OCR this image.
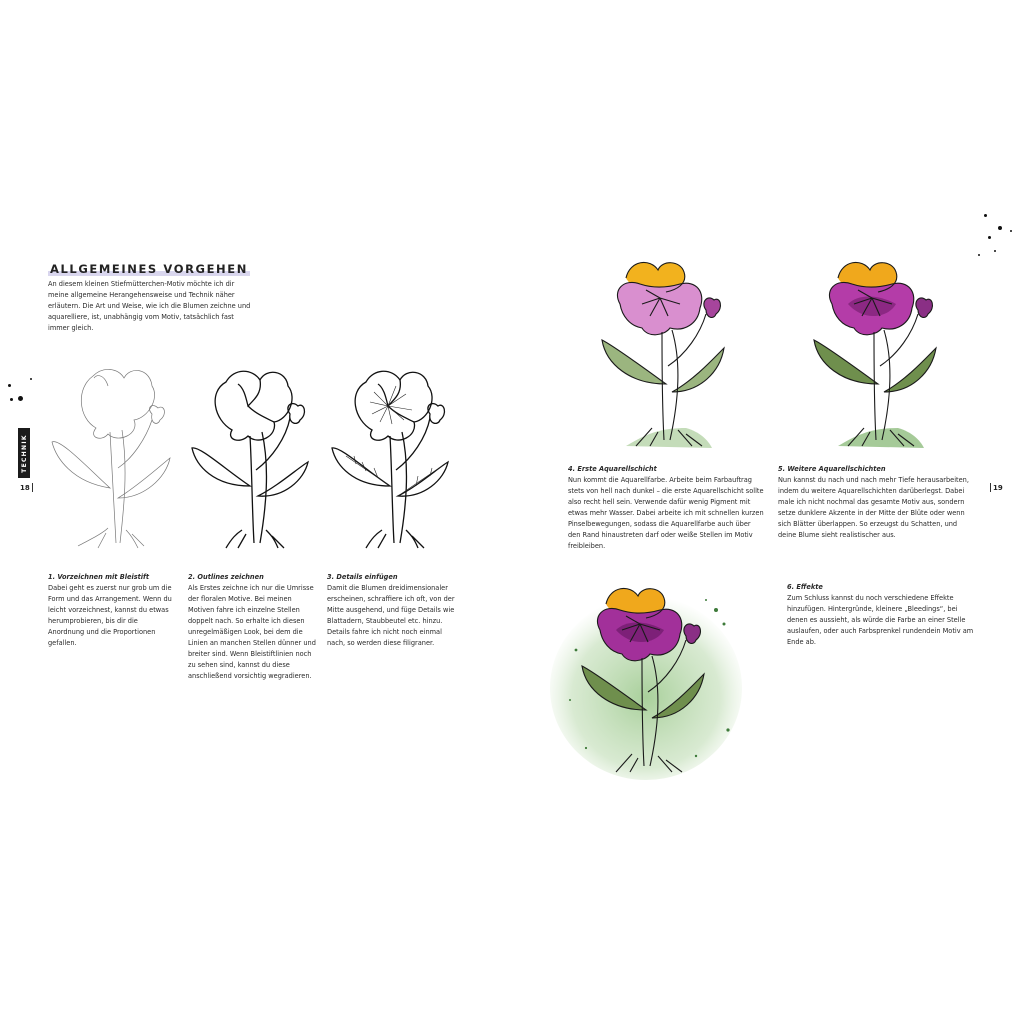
ALLGEMEINES VORGEHEN
An diesem kleinen Stiefmütterchen-Motiv möchte ich dir meine allgemeine Herangehensweise und Technik näher erläutern. Die Art und Weise, wie ich die Blumen zeichne und aquarelliere, ist, unabhängig vom Motiv, tatsächlich fast immer gleich.
TECHNIK
18
1. Vorzeichnen mit Bleistift
Dabei geht es zuerst nur grob um die Form und das Arrangement. Wenn du leicht vorzeichnest, kannst du etwas herumprobieren, bis dir die Anordnung und die Proportionen gefallen.
2. Outlines zeichnen
Als Erstes zeichne ich nur die Umrisse der floralen Motive. Bei meinen Motiven fahre ich einzelne Stellen doppelt nach. So erhalte ich diesen unregelmäßigen Look, bei dem die Linien an manchen Stellen dünner und breiter sind. Wenn Bleistiftlinien noch zu sehen sind, kannst du diese anschließend vorsichtig wegradieren.
3. Details einfügen
Damit die Blumen dreidimensionaler erscheinen, schraffiere ich oft, von der Mitte ausgehend, und füge Details wie Blattadern, Staubbeutel etc. hinzu. Details fahre ich nicht noch einmal nach, so werden diese filigraner.
19
4. Erste Aquarellschicht
Nun kommt die Aquarellfarbe. Arbeite beim Farbauftrag stets von hell nach dunkel – die erste Aquarellschicht sollte also recht hell sein. Verwende dafür wenig Pigment mit etwas mehr Wasser. Dabei arbeite ich mit schnellen kurzen Pinselbewegungen, sodass die Aquarellfarbe auch über den Rand hinaustreten darf oder weiße Stellen im Motiv freibleiben.
5. Weitere Aquarellschichten
Nun kannst du nach und nach mehr Tiefe herausarbeiten, indem du weitere Aquarellschichten darüberlegst. Dabei male ich nicht nochmal das gesamte Motiv aus, sondern setze dunklere Akzente in der Mitte der Blüte oder wenn sich Blätter überlappen. So erzeugst du Schatten, und deine Blume sieht realistischer aus.
6. Effekte
Zum Schluss kannst du noch verschiedene Effekte hinzufügen. Hintergründe, kleinere „Bleedings“, bei denen es aussieht, als würde die Farbe an einer Stelle auslaufen, oder auch Farbsprenkel rundendein Motiv am Ende ab.
